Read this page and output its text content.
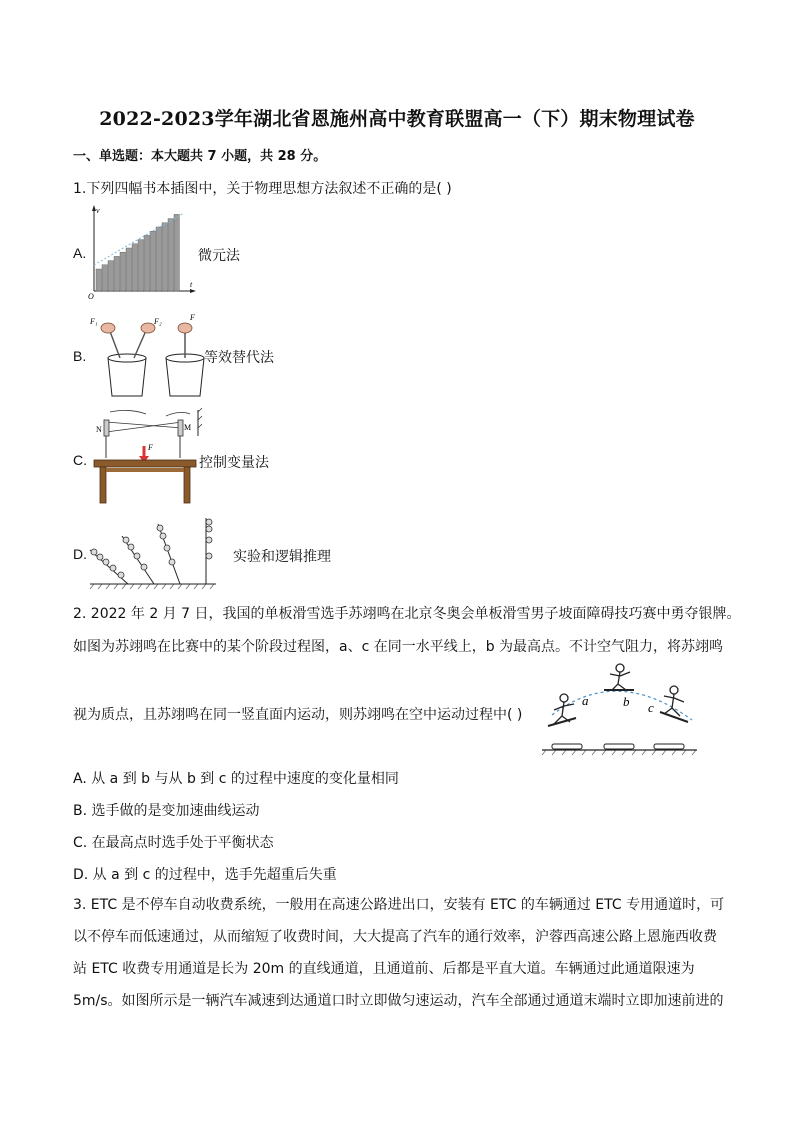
2022-2023学年湖北省恩施州高中教育联盟高一（下）期末物理试卷
一、单选题：本大题共 7 小题，共 28 分。
1.下列四幅书本插图中，关于物理思想方法叙述不正确的是( )
A.
v
t
O
微元法
B.
F₁	F₂	F
等效替代法
C.
N	M
F
控制变量法
D.	实验和逻辑推理
2. 2022 年 2 月 7 日，我国的单板滑雪选手苏翊鸣在北京冬奥会单板滑雪男子坡面障碍技巧赛中勇夺银牌。
如图为苏翊鸣在比赛中的某个阶段过程图，a、c 在同一水平线上，b 为最高点。不计空气阻力，将苏翊鸣
视为质点，且苏翊鸣在同一竖直面内运动，则苏翊鸣在空中运动过程中( )
a	b c
A. 从 a 到 b 与从 b 到 c 的过程中速度的变化量相同
B. 选手做的是变加速曲线运动
C. 在最高点时选手处于平衡状态
D. 从 a 到 c 的过程中，选手先超重后失重
3. ETC 是不停车自动收费系统，一般用在高速公路进出口，安装有 ETC 的车辆通过 ETC 专用通道时，可
以不停车而低速通过，从而缩短了收费时间，大大提高了汽车的通行效率，沪蓉西高速公路上恩施西收费
站 ETC 收费专用通道是长为 20m 的直线通道，且通道前、后都是平直大道。车辆通过此通道限速为
5m/s。如图所示是一辆汽车减速到达通道口时立即做匀速运动，汽车全部通过通道末端时立即加速前进的
